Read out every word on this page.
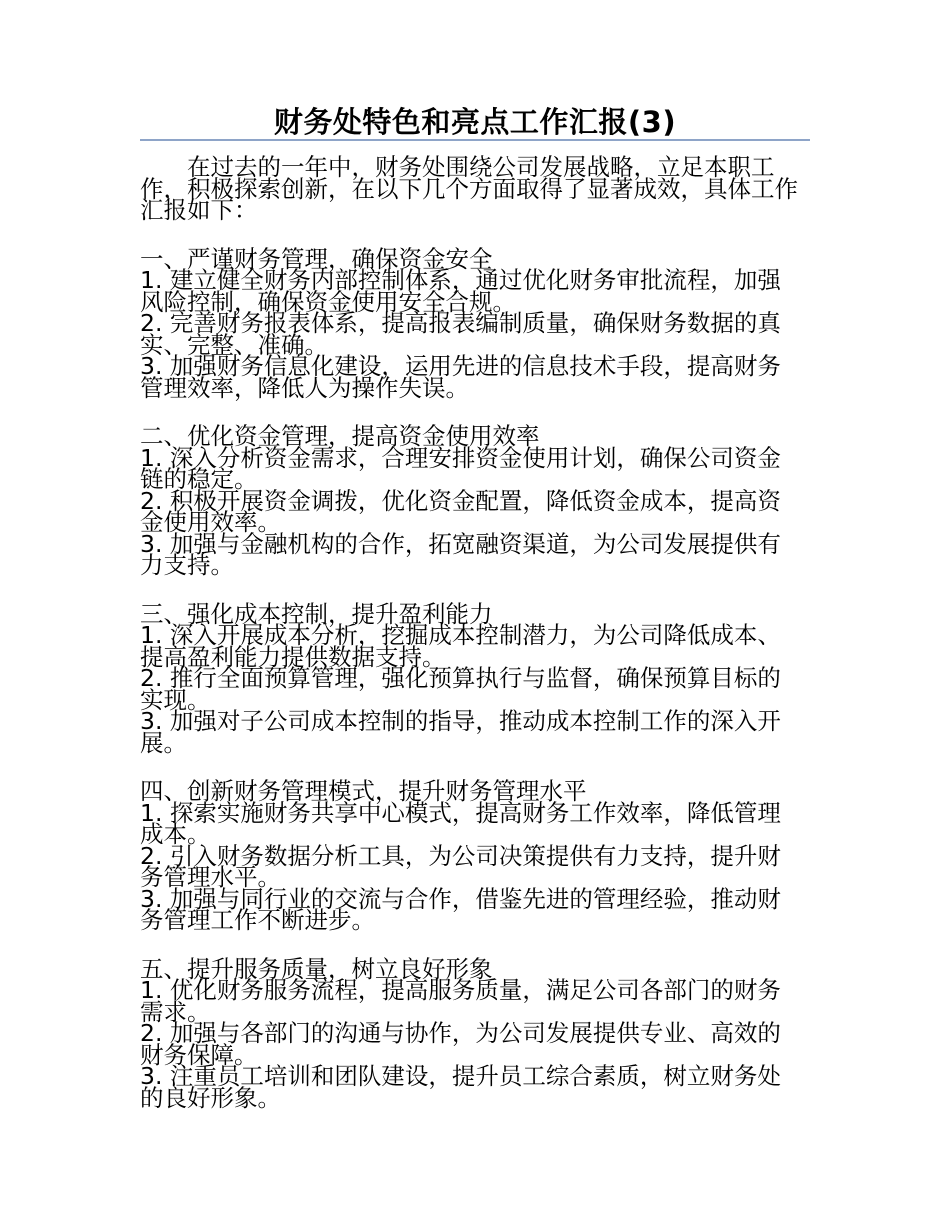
财务处特色和亮点工作汇报(3)

在过去的一年中，财务处围绕公司发展战略，立足本职工作，积极探索创新，在以下几个方面取得了显著成效，具体工作汇报如下：

一、严谨财务管理，确保资金安全

1. 建立健全财务内部控制体系，通过优化财务审批流程，加强风险控制，确保资金使用安全合规。

2. 完善财务报表体系，提高报表编制质量，确保财务数据的真实、完整、准确。

3. 加强财务信息化建设，运用先进的信息技术手段，提高财务管理效率，降低人为操作失误。

二、优化资金管理，提高资金使用效率

1. 深入分析资金需求，合理安排资金使用计划，确保公司资金链的稳定。

2. 积极开展资金调拨，优化资金配置，降低资金成本，提高资金使用效率。

3. 加强与金融机构的合作，拓宽融资渠道，为公司发展提供有力支持。

三、强化成本控制，提升盈利能力

1. 深入开展成本分析，挖掘成本控制潜力，为公司降低成本、提高盈利能力提供数据支持。

2. 推行全面预算管理，强化预算执行与监督，确保预算目标的实现。

3. 加强对子公司成本控制的指导，推动成本控制工作的深入开展。

四、创新财务管理模式，提升财务管理水平

1. 探索实施财务共享中心模式，提高财务工作效率，降低管理成本。

2. 引入财务数据分析工具，为公司决策提供有力支持，提升财务管理水平。

3. 加强与同行业的交流与合作，借鉴先进的管理经验，推动财务管理工作不断进步。

五、提升服务质量，树立良好形象

1. 优化财务服务流程，提高服务质量，满足公司各部门的财务需求。

2. 加强与各部门的沟通与协作，为公司发展提供专业、高效的财务保障。

3. 注重员工培训和团队建设，提升员工综合素质，树立财务处的良好形象。
